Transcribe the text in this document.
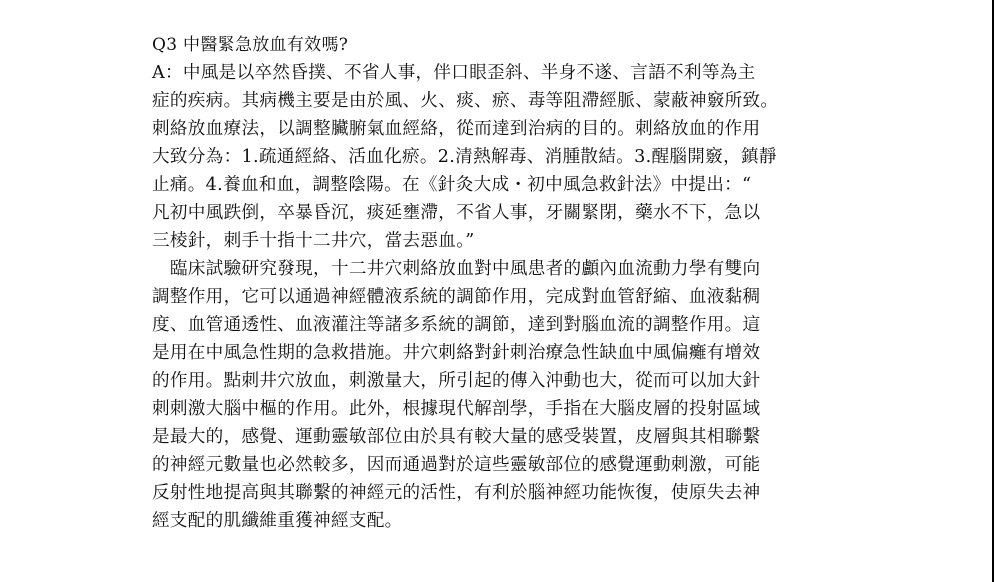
Q3 中醫緊急放血有效嗎?
A：中風是以卒然昏撲、不省人事，伴口眼歪斜、半身不遂、言語不利等為主
症的疾病。其病機主要是由於風、火、痰、瘀、毒等阻滯經脈、蒙蔽神竅所致。
刺絡放血療法，以調整臟腑氣血經絡，從而達到治病的目的。刺絡放血的作用
大致分為：1.疏通經絡、活血化瘀。2.清熱解毒、消腫散結。3.醒腦開竅，鎮靜
止痛。4.養血和血，調整陰陽。在《針灸大成・初中風急救針法》中提出：“
凡初中風跌倒，卒暴昏沉，痰延壅滯，不省人事，牙關緊閉，藥水不下，急以
三棱針，刺手十指十二井穴，當去惡血。”
　臨床試驗研究發現，十二井穴刺絡放血對中風患者的顱內血流動力學有雙向
調整作用，它可以通過神經體液系統的調節作用，完成對血管舒縮、血液黏稠
度、血管通透性、血液灌注等諸多系統的調節，達到對腦血流的調整作用。這
是用在中風急性期的急救措施。井穴刺絡對針刺治療急性缺血中風偏癱有增效
的作用。點刺井穴放血，刺激量大，所引起的傳入沖動也大，從而可以加大針
刺刺激大腦中樞的作用。此外，根據現代解剖學，手指在大腦皮層的投射區域
是最大的，感覺、運動靈敏部位由於具有較大量的感受裝置，皮層與其相聯繫
的神經元數量也必然較多，因而通過對於這些靈敏部位的感覺運動刺激，可能
反射性地提高與其聯繫的神經元的活性，有利於腦神經功能恢復，使原失去神
經支配的肌纖維重獲神經支配。
